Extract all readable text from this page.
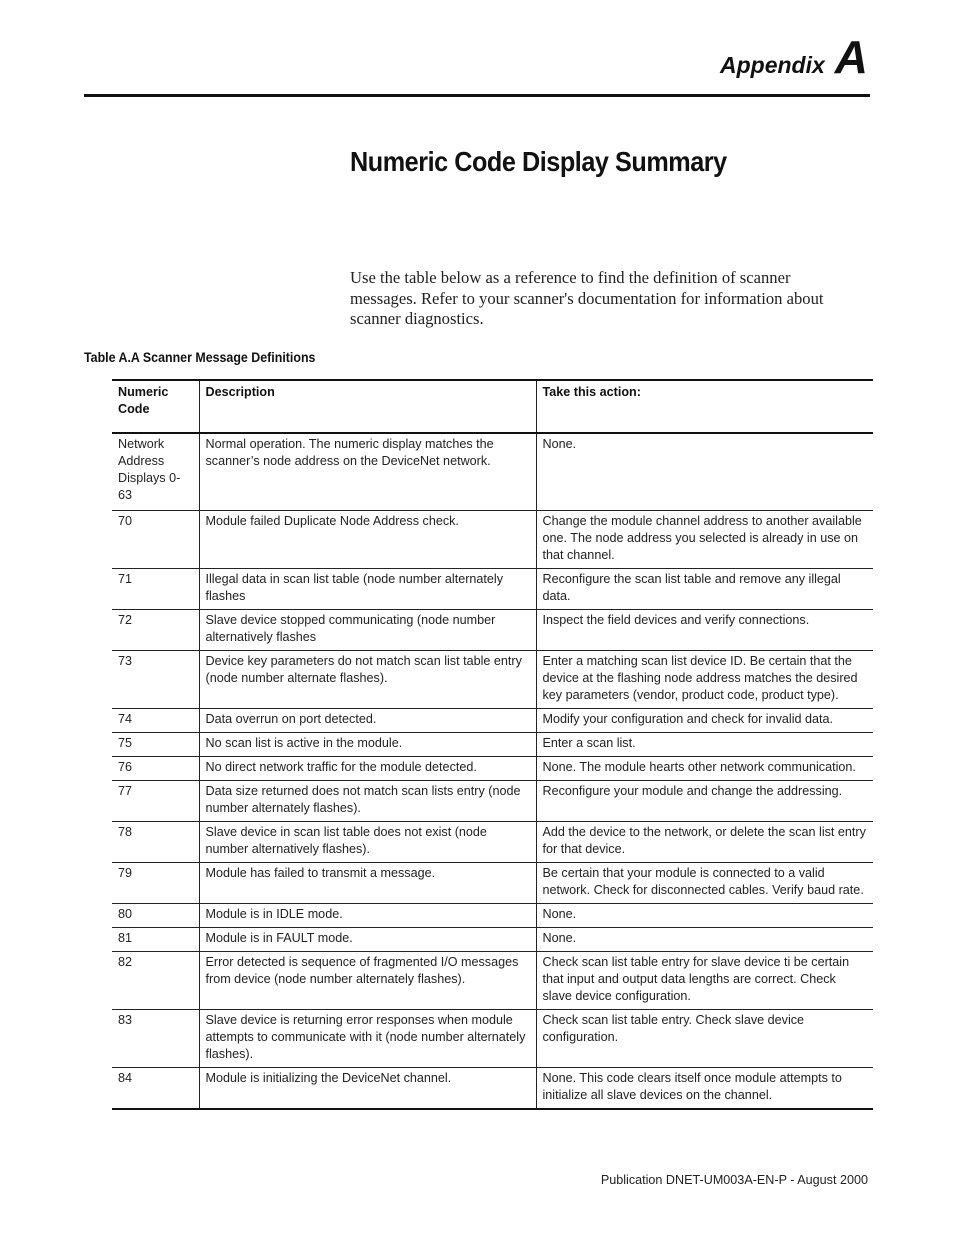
Appendix A
Numeric Code Display Summary

Use the table below as a reference to find the definition of scanner messages. Refer to your scanner's documentation for information about scanner diagnostics.

Table A.A Scanner Message Definitions

Numeric Code	Description	Take this action:
Network Address Displays 0-63	Normal operation. The numeric display matches the scanner’s node address on the DeviceNet network.	None.
70	Module failed Duplicate Node Address check.	Change the module channel address to another available one. The node address you selected is already in use on that channel.
71	Illegal data in scan list table (node number alternately flashes	Reconfigure the scan list table and remove any illegal data.
72	Slave device stopped communicating (node number alternatively flashes	Inspect the field devices and verify connections.
73	Device key parameters do not match scan list table entry (node number alternate flashes).	Enter a matching scan list device ID. Be certain that the device at the flashing node address matches the desired key parameters (vendor, product code, product type).
74	Data overrun on port detected.	Modify your configuration and check for invalid data.
75	No scan list is active in the module.	Enter a scan list.
76	No direct network traffic for the module detected.	None. The module hearts other network communication.
77	Data size returned does not match scan lists entry (node number alternately flashes).	Reconfigure your module and change the addressing.
78	Slave device in scan list table does not exist (node number alternatively flashes).	Add the device to the network, or delete the scan list entry for that device.
79	Module has failed to transmit a message.	Be certain that your module is connected to a valid network. Check for disconnected cables. Verify baud rate.
80	Module is in IDLE mode.	None.
81	Module is in FAULT mode.	None.
82	Error detected is sequence of fragmented I/O messages from device (node number alternately flashes).	Check scan list table entry for slave device ti be certain that input and output data lengths are correct. Check slave device configuration.
83	Slave device is returning error responses when module attempts to communicate with it (node number alternately flashes).	Check scan list table entry. Check slave device configuration.
84	Module is initializing the DeviceNet channel.	None. This code clears itself once module attempts to initialize all slave devices on the channel.

Publication DNET-UM003A-EN-P - August 2000
